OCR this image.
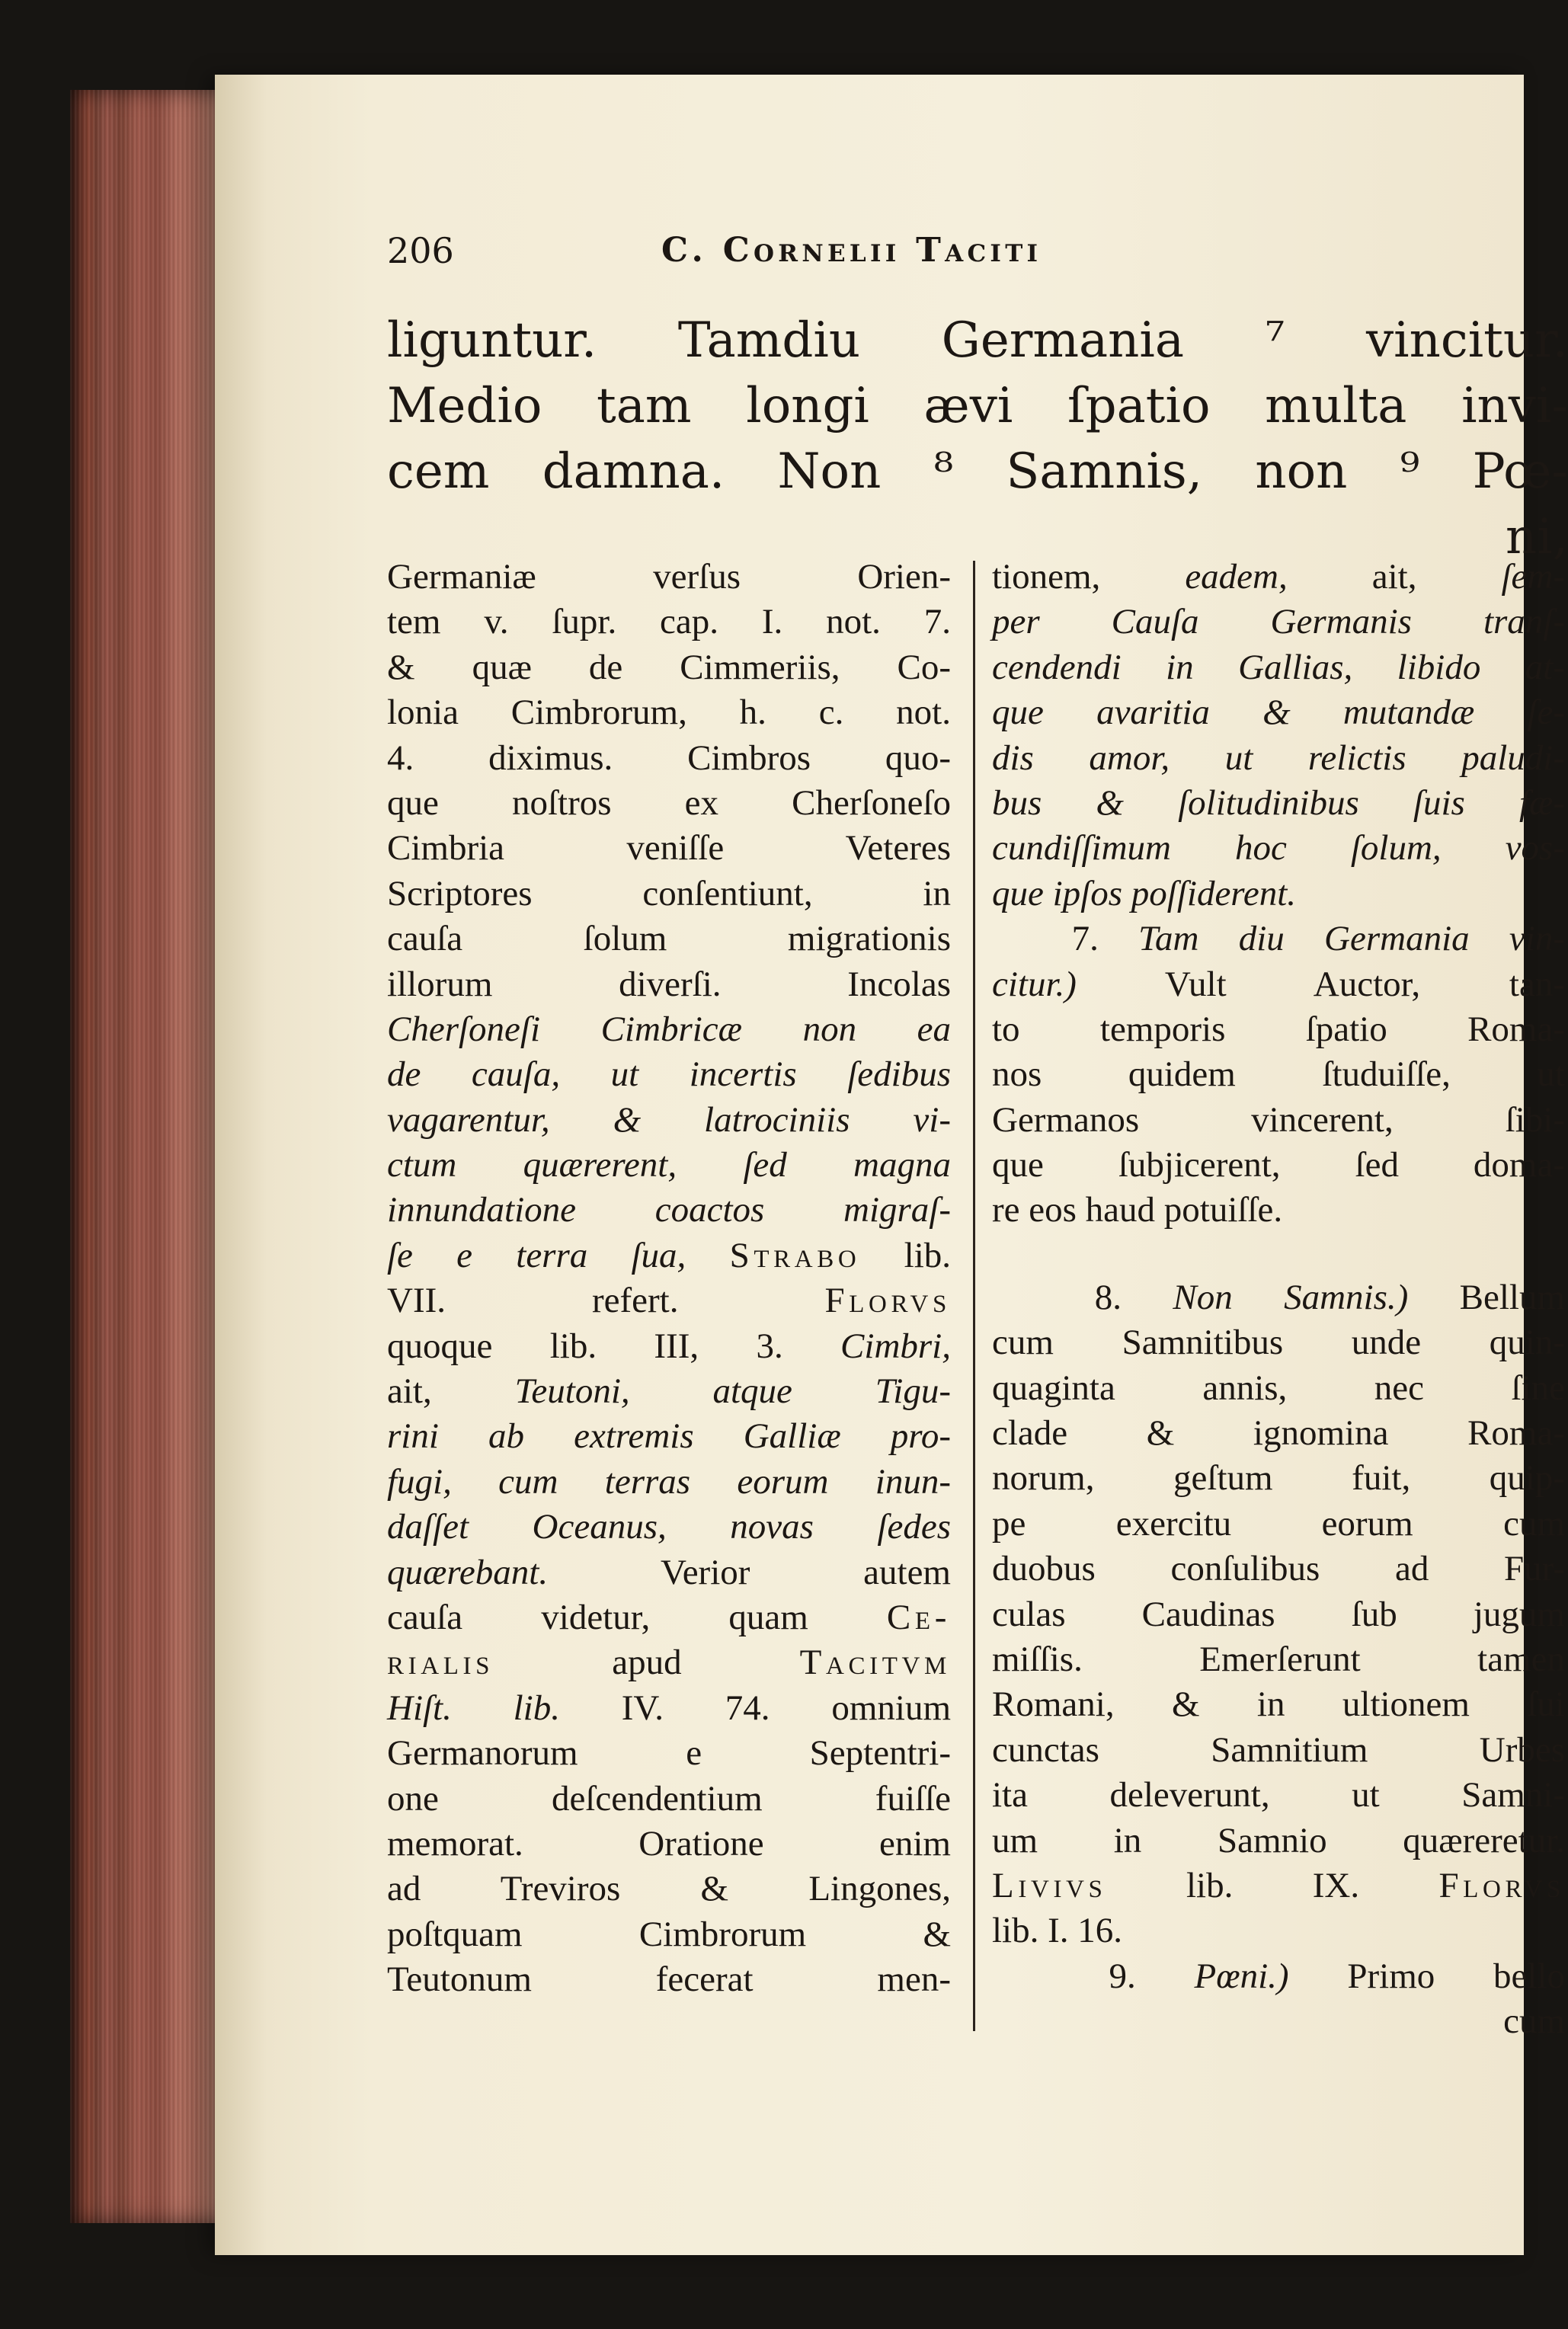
206	C. Cornelii Taciti
liguntur. Tamdiu Germania ⁷ vincitur.
Medio tam longi ævi ſpatio multa invi-
cem damna. Non ⁸ Samnis, non ⁹ Pœ-
ni,
Germaniæ verſus Orien-
tem v. ſupr. cap. I. not. 7.
& quæ de Cimmeriis, Co-
lonia Cimbrorum, h. c. not.
4. diximus. Cimbros quo-
que noſtros ex Cherſoneſo
Cimbria veniſſe Veteres
Scriptores conſentiunt, in
cauſa ſolum migrationis
illorum diverſi.	Incolas
Cherſoneſi Cimbricæ non ea
de cauſa, ut incertis ſedibus
vagarentur, & latrociniis vi-
ctum quærerent, ſed magna
innundatione coactos migraſ-
ſe e terra ſua, Strabo lib.
VII. refert.	Florvs
quoque lib. III, 3. Cimbri,
ait, Teutoni, atque Tigu-
rini ab extremis Galliæ pro-
fugi, cum terras eorum inun-
daſſet Oceanus, novas ſedes
quærebant.	Verior autem
cauſa videtur, quam Ce-
rialis	apud	Tacitvm
Hiſt. lib. IV. 74. omnium
Germanorum e Septentri-
one deſcendentium fuiſſe
memorat. Oratione enim
ad Treviros & Lingones,
poſtquam Cimbrorum &
Teutonum fecerat men-
tionem, eadem, ait, ſem-
per Cauſa Germanis tranſ-
cendendi in Gallias, libido at-
que avaritia & mutandæ ſe-
dis amor, ut relictis paludi-
bus & ſolitudinibus ſuis fæ-
cundiſſimum hoc ſolum, vos-
que ipſos poſſiderent.
7. Tam diu Germania vin-
citur.) Vult Auctor, tan-
to temporis ſpatio Roma-
nos quidem ſtuduiſſe, ut
Germanos vincerent, ſibi-
que ſubjicerent, ſed doma-
re eos haud potuiſſe.
8. Non Samnis.) Bellum
cum Samnitibus unde quin-
quaginta annis, nec ſine
clade & ignomina Roma-
norum, geſtum fuit, quip-
pe exercitu eorum cum
duobus conſulibus ad Fur-
culas Caudinas ſub jugum
miſſis. Emerſerunt tamen
Romani, & in ultionem ſui
cunctas Samnitium Urbes
ita deleverunt, ut Samni-
um in Samnio quæreretur.
Livivs lib. IX. Florvs
lib. I. 16.
9. Pœni.) Primo bello
cum
